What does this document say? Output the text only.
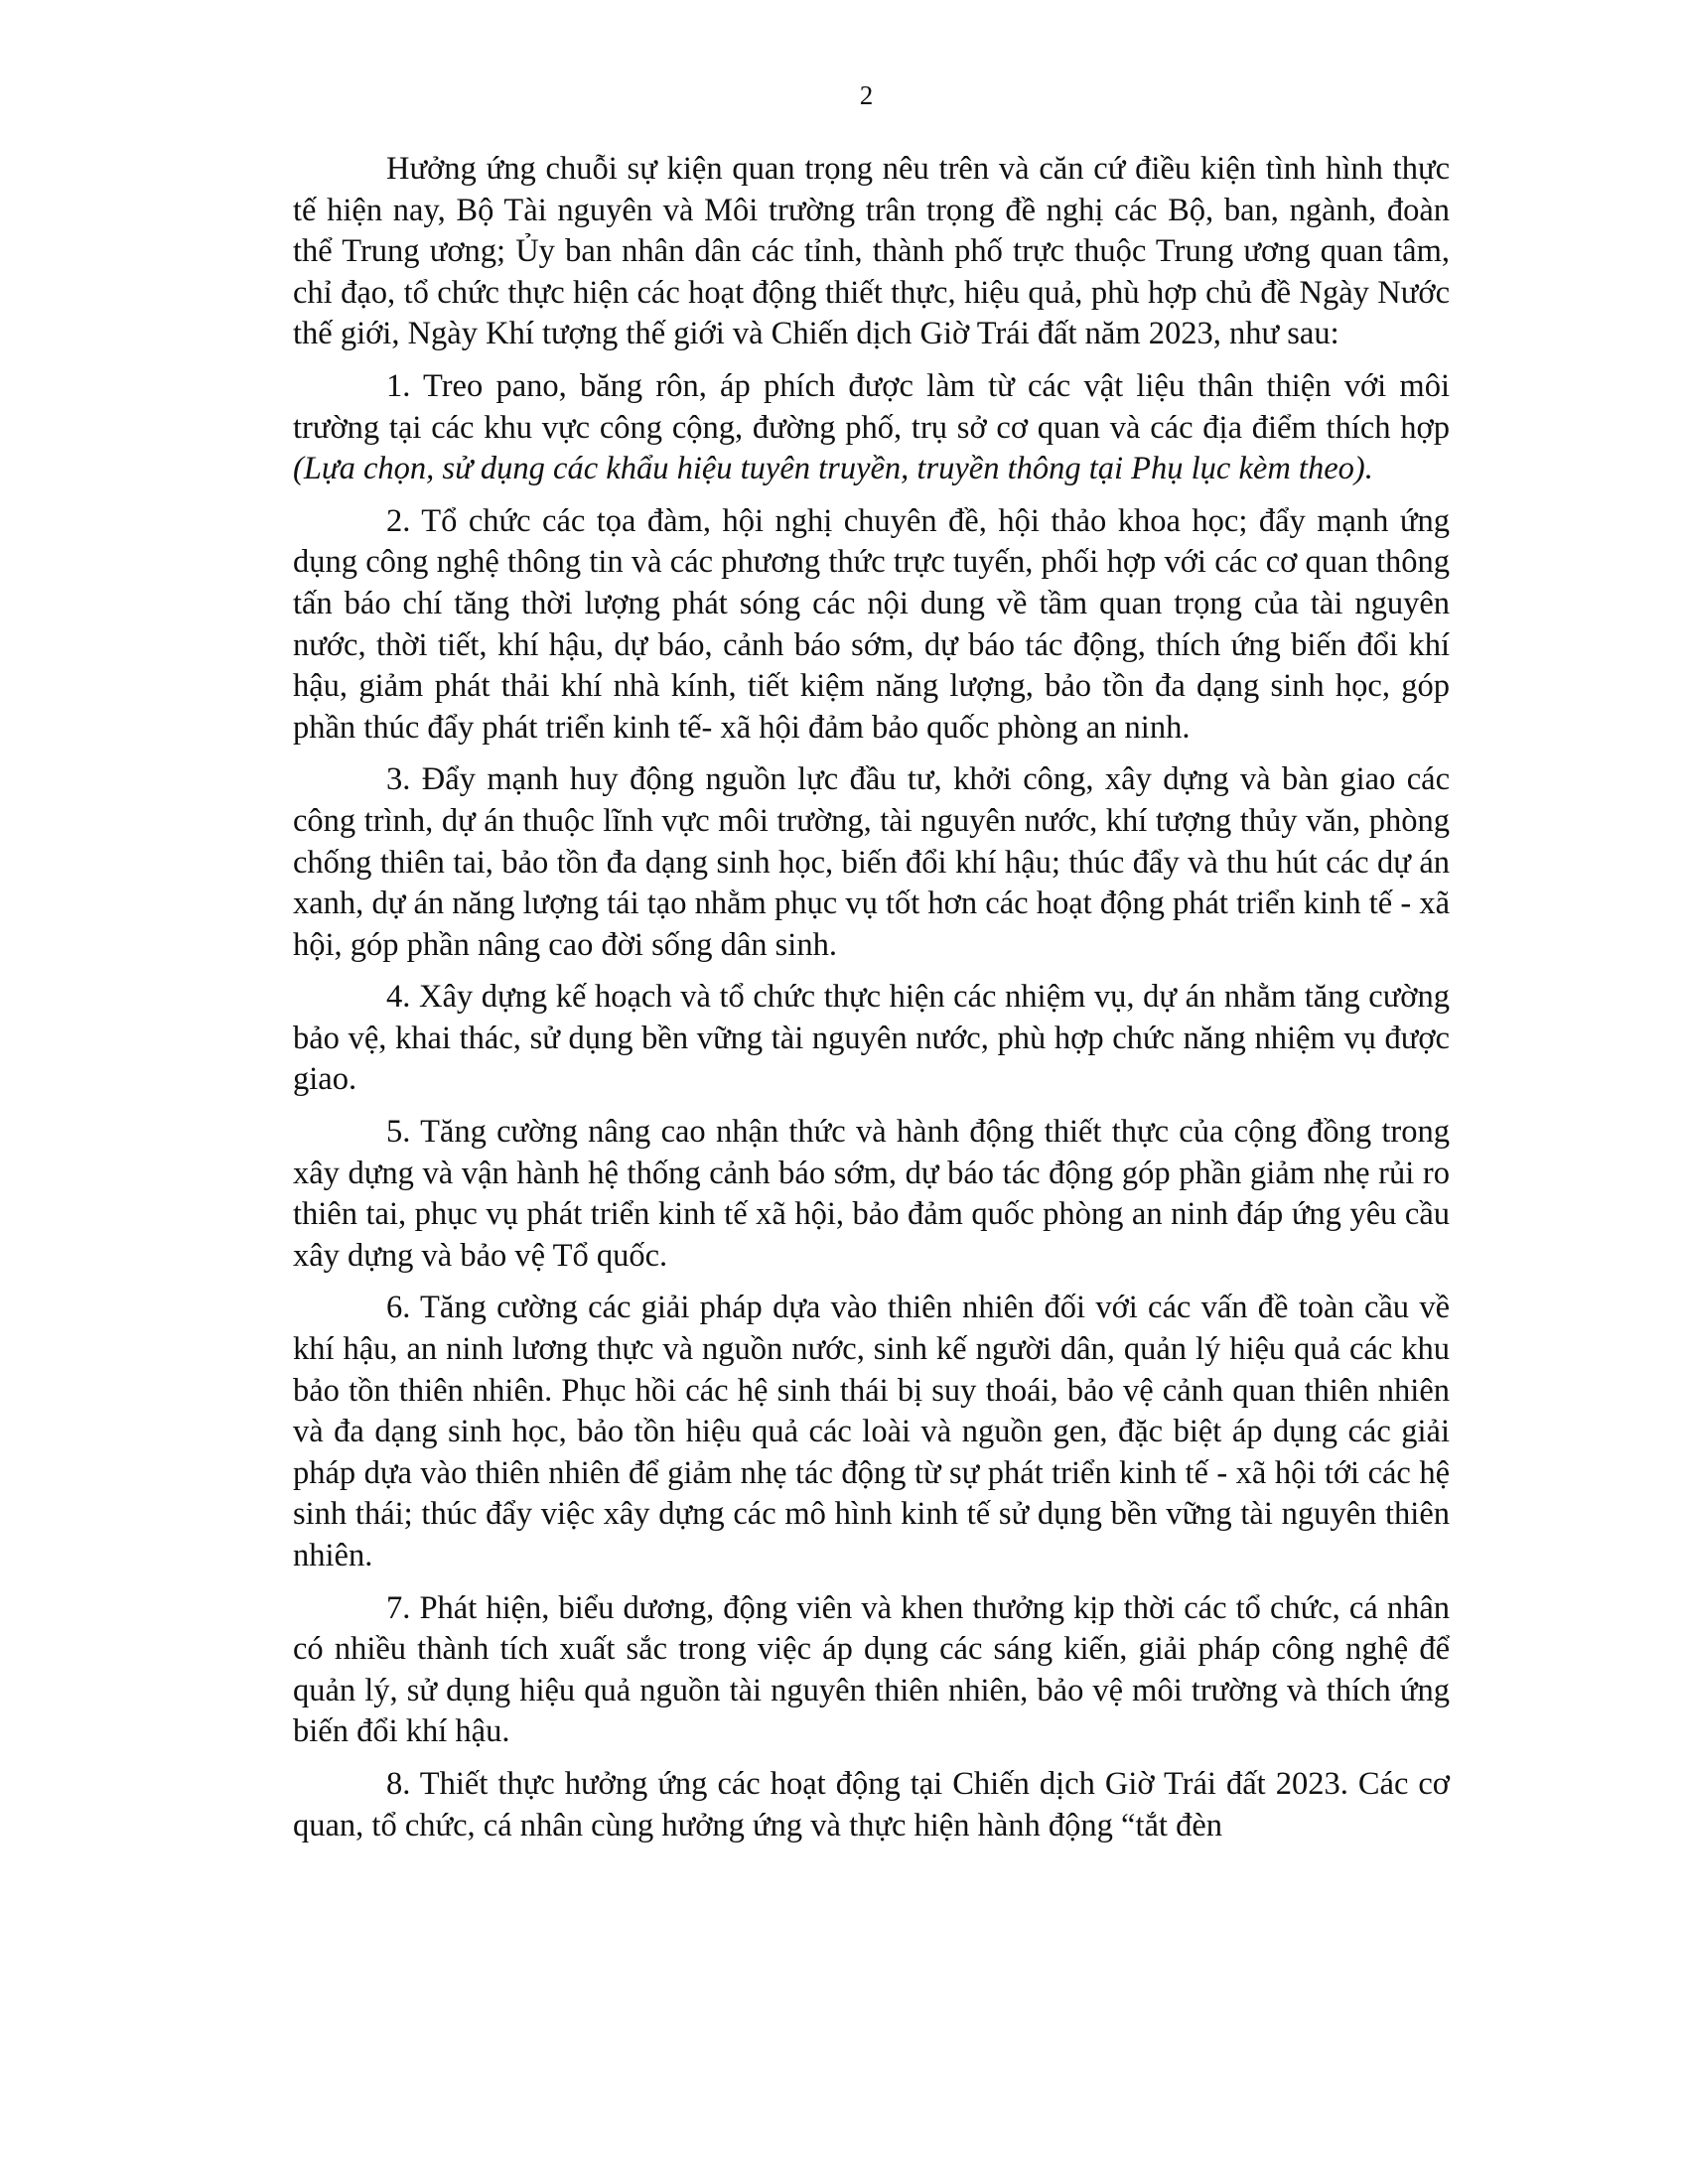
2

Hưởng ứng chuỗi sự kiện quan trọng nêu trên và căn cứ điều kiện tình hình thực tế hiện nay, Bộ Tài nguyên và Môi trường trân trọng đề nghị các Bộ, ban, ngành, đoàn thể Trung ương; Ủy ban nhân dân các tỉnh, thành phố trực thuộc Trung ương quan tâm, chỉ đạo, tổ chức thực hiện các hoạt động thiết thực, hiệu quả, phù hợp chủ đề Ngày Nước thế giới, Ngày Khí tượng thế giới và Chiến dịch Giờ Trái đất năm 2023, như sau:

1. Treo pano, băng rôn, áp phích được làm từ các vật liệu thân thiện với môi trường tại các khu vực công cộng, đường phố, trụ sở cơ quan và các địa điểm thích hợp (Lựa chọn, sử dụng các khẩu hiệu tuyên truyền, truyền thông tại Phụ lục kèm theo).

2. Tổ chức các tọa đàm, hội nghị chuyên đề, hội thảo khoa học; đẩy mạnh ứng dụng công nghệ thông tin và các phương thức trực tuyến, phối hợp với các cơ quan thông tấn báo chí tăng thời lượng phát sóng các nội dung về tầm quan trọng của tài nguyên nước, thời tiết, khí hậu, dự báo, cảnh báo sớm, dự báo tác động, thích ứng biến đổi khí hậu, giảm phát thải khí nhà kính, tiết kiệm năng lượng, bảo tồn đa dạng sinh học, góp phần thúc đẩy phát triển kinh tế- xã hội đảm bảo quốc phòng an ninh.

3. Đẩy mạnh huy động nguồn lực đầu tư, khởi công, xây dựng và bàn giao các công trình, dự án thuộc lĩnh vực môi trường, tài nguyên nước, khí tượng thủy văn, phòng chống thiên tai, bảo tồn đa dạng sinh học, biến đổi khí hậu; thúc đẩy và thu hút các dự án xanh, dự án năng lượng tái tạo nhằm phục vụ tốt hơn các hoạt động phát triển kinh tế - xã hội, góp phần nâng cao đời sống dân sinh.

4. Xây dựng kế hoạch và tổ chức thực hiện các nhiệm vụ, dự án nhằm tăng cường bảo vệ, khai thác, sử dụng bền vững tài nguyên nước, phù hợp chức năng nhiệm vụ được giao.

5. Tăng cường nâng cao nhận thức và hành động thiết thực của cộng đồng trong xây dựng và vận hành hệ thống cảnh báo sớm, dự báo tác động góp phần giảm nhẹ rủi ro thiên tai, phục vụ phát triển kinh tế xã hội, bảo đảm quốc phòng an ninh đáp ứng yêu cầu xây dựng và bảo vệ Tổ quốc.

6. Tăng cường các giải pháp dựa vào thiên nhiên đối với các vấn đề toàn cầu về khí hậu, an ninh lương thực và nguồn nước, sinh kế người dân, quản lý hiệu quả các khu bảo tồn thiên nhiên. Phục hồi các hệ sinh thái bị suy thoái, bảo vệ cảnh quan thiên nhiên và đa dạng sinh học, bảo tồn hiệu quả các loài và nguồn gen, đặc biệt áp dụng các giải pháp dựa vào thiên nhiên để giảm nhẹ tác động từ sự phát triển kinh tế - xã hội tới các hệ sinh thái; thúc đẩy việc xây dựng các mô hình kinh tế sử dụng bền vững tài nguyên thiên nhiên.

7. Phát hiện, biểu dương, động viên và khen thưởng kịp thời các tổ chức, cá nhân có nhiều thành tích xuất sắc trong việc áp dụng các sáng kiến, giải pháp công nghệ để quản lý, sử dụng hiệu quả nguồn tài nguyên thiên nhiên, bảo vệ môi trường và thích ứng biến đổi khí hậu.

8. Thiết thực hưởng ứng các hoạt động tại Chiến dịch Giờ Trái đất 2023. Các cơ quan, tổ chức, cá nhân cùng hưởng ứng và thực hiện hành động “tắt đèn
